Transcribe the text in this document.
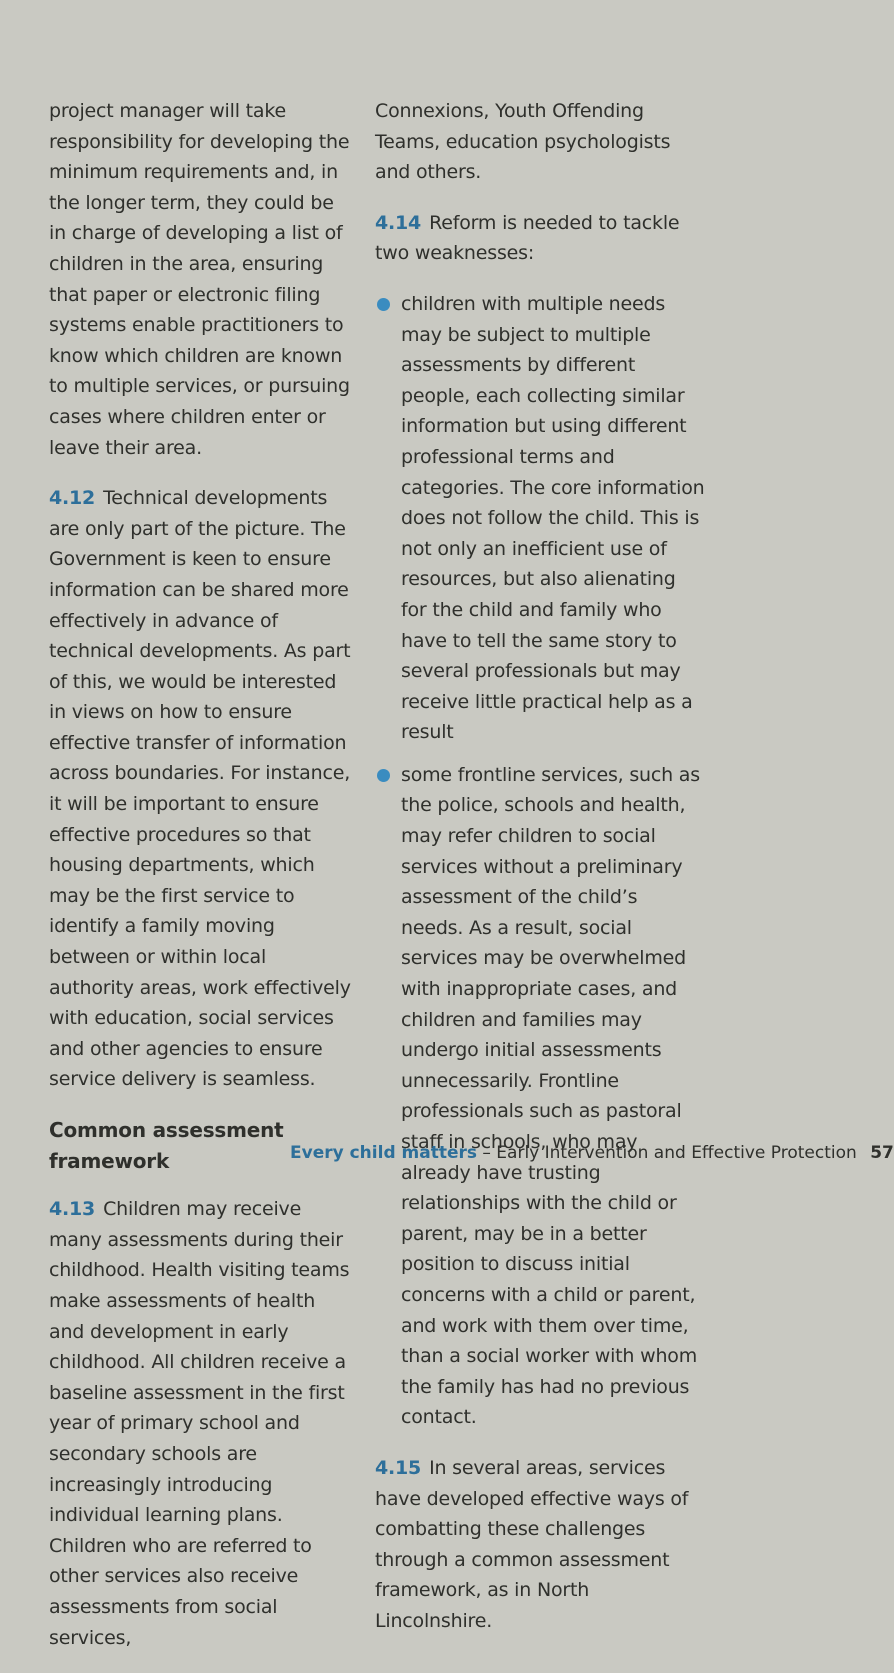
project manager will take responsibility for developing the minimum requirements and, in the longer term, they could be in charge of developing a list of children in the area, ensuring that paper or electronic filing systems enable practitioners to know which children are known to multiple services, or pursuing cases where children enter or leave their area.

4.12 Technical developments are only part of the picture. The Government is keen to ensure information can be shared more effectively in advance of technical developments. As part of this, we would be interested in views on how to ensure effective transfer of information across boundaries. For instance, it will be important to ensure effective procedures so that housing departments, which may be the first service to identify a family moving between or within local authority areas, work effectively with education, social services and other agencies to ensure service delivery is seamless.

Common assessment framework

4.13 Children may receive many assessments during their childhood. Health visiting teams make assessments of health and development in early childhood. All children receive a baseline assessment in the first year of primary school and secondary schools are increasingly introducing individual learning plans. Children who are referred to other services also receive assessments from social services,

Connexions, Youth Offending Teams, education psychologists and others.

4.14 Reform is needed to tackle two weaknesses:

children with multiple needs may be subject to multiple assessments by different people, each collecting similar information but using different professional terms and categories. The core information does not follow the child. This is not only an inefficient use of resources, but also alienating for the child and family who have to tell the same story to several professionals but may receive little practical help as a result
some frontline services, such as the police, schools and health, may refer children to social services without a preliminary assessment of the child’s needs. As a result, social services may be overwhelmed with inappropriate cases, and children and families may undergo initial assessments unnecessarily. Frontline professionals such as pastoral staff in schools, who may already have trusting relationships with the child or parent, may be in a better position to discuss initial concerns with a child or parent, and work with them over time, than a social worker with whom the family has had no previous contact.

4.15 In several areas, services have developed effective ways of combatting these challenges through a common assessment framework, as in North Lincolnshire.

Every child matters – Early Intervention and Effective Protection 57
